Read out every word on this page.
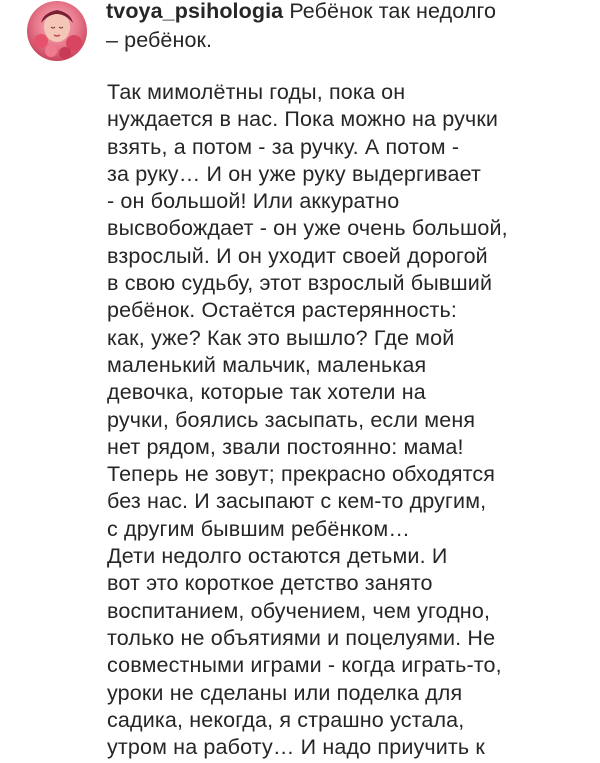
tvoya_psihologia Ребёнок так недолго
– ребёнок.
Так мимолётны годы, пока он
нуждается в нас. Пока можно на ручки
взять, а потом - за ручку. А потом -
за руку… И он уже руку выдергивает
- он большой! Или аккуратно
высвобождает - он уже очень большой,
взрослый. И он уходит своей дорогой
в свою судьбу, этот взрослый бывший
ребёнок. Остаётся растерянность:
как, уже? Как это вышло? Где мой
маленький мальчик, маленькая
девочка, которые так хотели на
ручки, боялись засыпать, если меня
нет рядом, звали постоянно: мама!
Теперь не зовут; прекрасно обходятся
без нас. И засыпают с кем-то другим,
с другим бывшим ребёнком…
Дети недолго остаются детьми. И
вот это короткое детство занято
воспитанием, обучением, чем угодно,
только не объятиями и поцелуями. Не
совместными играми - когда играть-то,
уроки не сделаны или поделка для
садика, некогда, я страшно устала,
утром на работу… И надо приучить к
